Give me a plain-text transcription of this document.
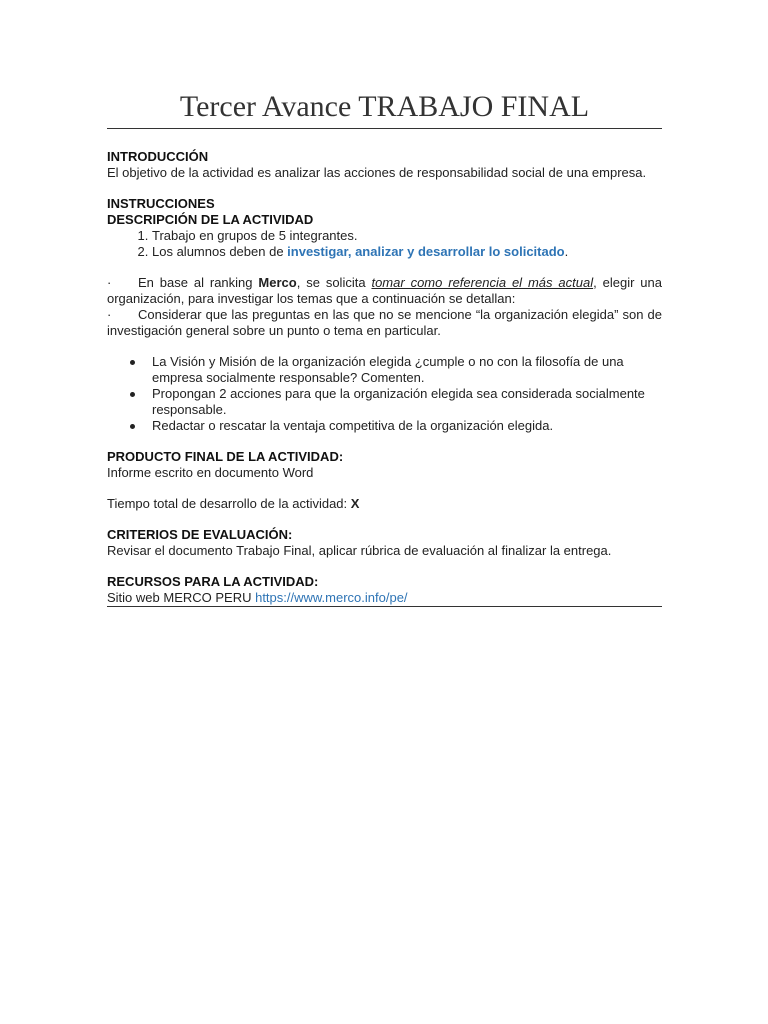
Tercer Avance TRABAJO FINAL
INTRODUCCIÓN
El objetivo de la actividad es analizar las acciones de responsabilidad social de una empresa.
INSTRUCCIONES
DESCRIPCIÓN DE LA ACTIVIDAD
1. Trabajo en grupos de 5 integrantes.
2. Los alumnos deben de investigar, analizar y desarrollar lo solicitado.
· En base al ranking Merco, se solicita tomar como referencia el más actual, elegir una organización, para investigar los temas que a continuación se detallan:
· Considerar que las preguntas en las que no se mencione “la organización elegida” son de investigación general sobre un punto o tema en particular.
La Visión y Misión de la organización elegida ¿cumple o no con la filosofía de una empresa socialmente responsable? Comenten.
Propongan 2 acciones para que la organización elegida sea considerada socialmente responsable.
Redactar o rescatar la ventaja competitiva de la organización elegida.
PRODUCTO FINAL DE LA ACTIVIDAD:
Informe escrito en documento Word
Tiempo total de desarrollo de la actividad: X
CRITERIOS DE EVALUACIÓN:
Revisar el documento Trabajo Final, aplicar rúbrica de evaluación al finalizar la entrega.
RECURSOS PARA LA ACTIVIDAD:
Sitio web MERCO PERU https://www.merco.info/pe/
